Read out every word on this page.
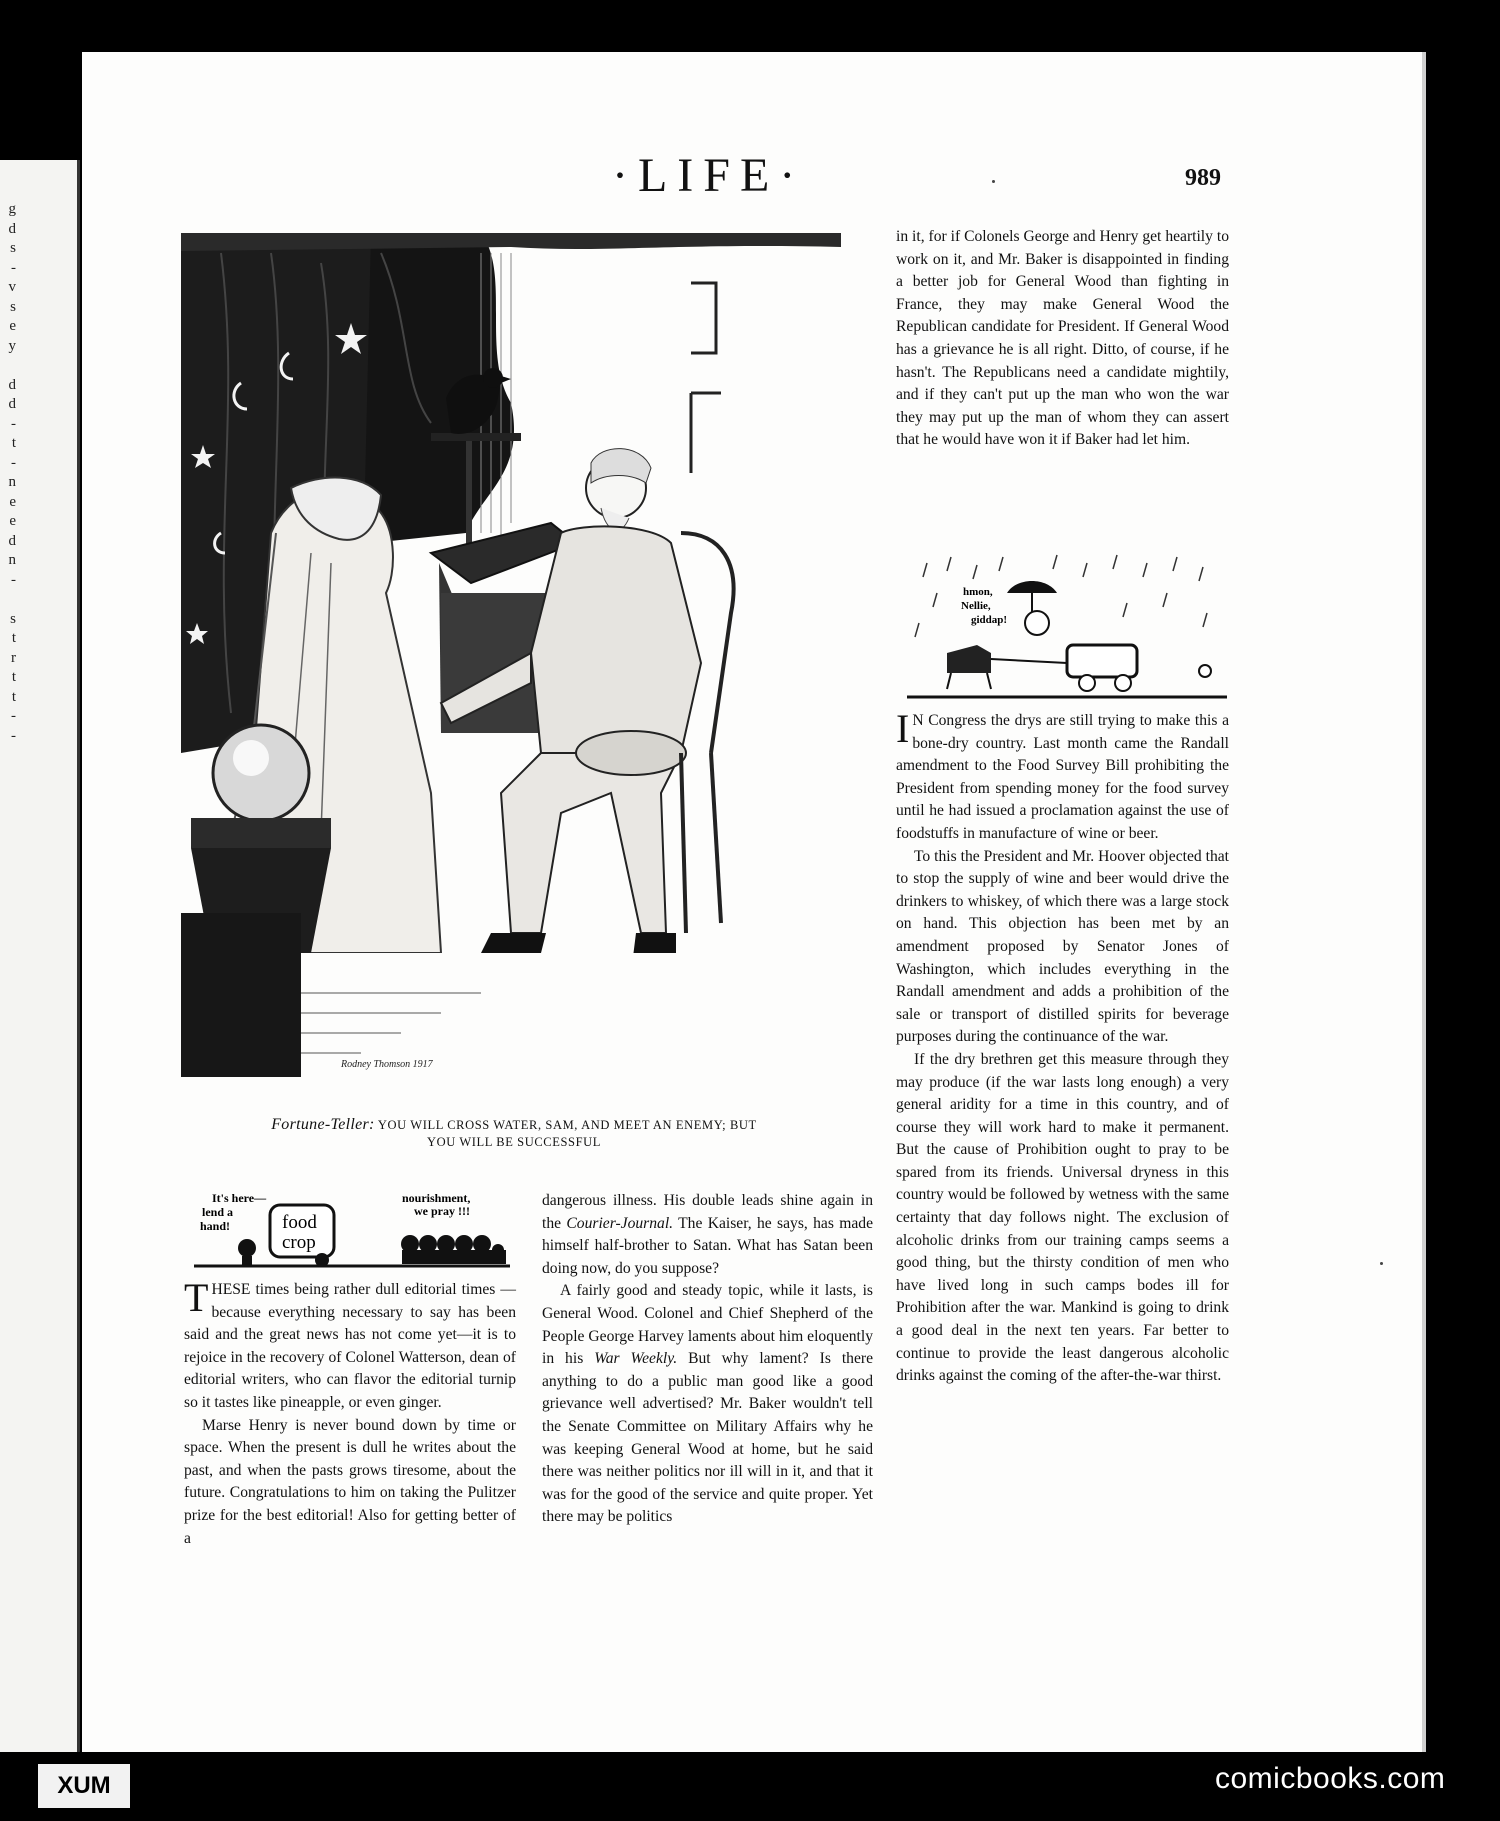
g
d
s
-
v
s
e
y

d
d
-
t
-
n
e
e
d
n
-

s
t
r
t
t
-
-
·LIFE·	989
Rodney Thomson 1917
Fortune-Teller: YOU WILL CROSS WATER, SAM, AND MEET AN ENEMY; BUT
YOU WILL BE SUCCESSFUL
It's here—
lend a
hand!	food
crop
nourishment,
we pray !!!
hmon,
Nellie,
giddap!

THESE times being rather dull editorial times — because everything necessary to say has been said and the great news has not come yet—it is to rejoice in the recovery of Colonel Watterson, dean of editorial writers, who can flavor the editorial turnip so it tastes like pineapple, or even ginger.

Marse Henry is never bound down by time or space. When the present is dull he writes about the past, and when the pasts grows tiresome, about the future. Congratulations to him on taking the Pulitzer prize for the best editorial! Also for getting better of a

dangerous illness. His double leads shine again in the Courier-Journal. The Kaiser, he says, has made himself half-brother to Satan. What has Satan been doing now, do you suppose?

A fairly good and steady topic, while it lasts, is General Wood. Colonel and Chief Shepherd of the People George Harvey laments about him eloquently in his War Weekly. But why lament? Is there anything to do a public man good like a good grievance well advertised? Mr. Baker wouldn't tell the Senate Committee on Military Affairs why he was keeping General Wood at home, but he said there was neither politics nor ill will in it, and that it was for the good of the service and quite proper. Yet there may be politics

in it, for if Colonels George and Henry get heartily to work on it, and Mr. Baker is disappointed in finding a better job for General Wood than fighting in France, they may make General Wood the Republican candidate for President. If General Wood has a grievance he is all right. Ditto, of course, if he hasn't. The Republicans need a candidate mightily, and if they can't put up the man who won the war they may put up the man of whom they can assert that he would have won it if Baker had let him.

I N Congress the drys are still trying to make this a bone-dry country. Last month came the Randall amendment to the Food Survey Bill prohibiting the President from spending money for the food survey until he had issued a proclamation against the use of foodstuffs in manufacture of wine or beer.

To this the President and Mr. Hoover objected that to stop the supply of wine and beer would drive the drinkers to whiskey, of which there was a large stock on hand. This objection has been met by an amendment proposed by Senator Jones of Washington, which includes everything in the Randall amendment and adds a prohibition of the sale or transport of distilled spirits for beverage purposes during the continuance of the war.

If the dry brethren get this measure through they may produce (if the war lasts long enough) a very general aridity for a time in this country, and of course they will work hard to make it permanent. But the cause of Prohibition ought to pray to be spared from its friends. Universal dryness in this country would be followed by wetness with the same certainty that day follows night. The exclusion of alcoholic drinks from our training camps seems a good thing, but the thirsty condition of men who have lived long in such camps bodes ill for Prohibition after the war. Mankind is going to drink a good deal in the next ten years. Far better to continue to provide the least dangerous alcoholic drinks against the coming of the after-the-war thirst.

XUM	comicbooks.com
